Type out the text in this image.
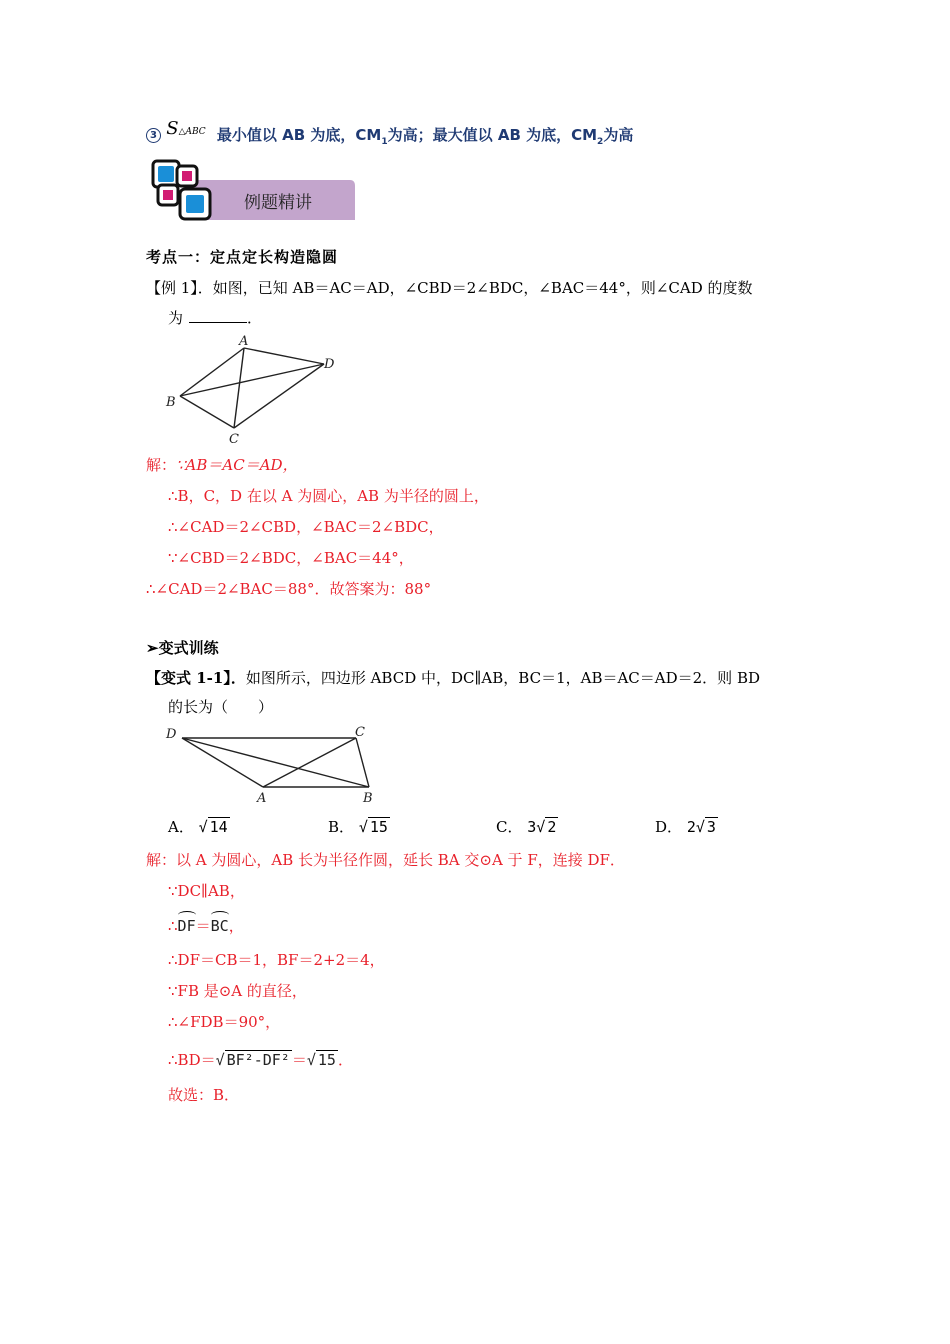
3 $S^{\triangle ABC}$ 最小值以 AB 为底，$CM_1$为高；最大值以 AB 为底，$CM_2$为高
例题精讲
考点一：定点定长构造隐圆
【例 1】．如图，已知 AB＝AC＝AD，∠CBD＝2∠BDC，∠BAC＝44°，则∠CAD 的度数
为	．
A
B
C
D
解：∵AB＝AC＝AD，
∴B，C，D 在以 A 为圆心，AB 为半径的圆上，
∴∠CAD＝2∠CBD，∠BAC＝2∠BDC，
∵∠CBD＝2∠BDC，∠BAC＝44°，
∴∠CAD＝2∠BAC＝88°．故答案为：88°
➢变式训练
【变式 1-1】．如图所示，四边形 ABCD 中，DC∥AB，BC＝1，AB＝AC＝AD＝2．则 BD
的长为（　　）
D	C
A	B
A． √ 14	B． √ 15	C． 3√ 2	D． 2√ 3
解：以 A 为圆心，AB 长为半径作圆，延长 BA 交⊙A 于 F，连接 DF．
∵DC∥AB，
∴DF＝BC，
∴DF＝CB＝1，BF＝2+2＝4，
∵FB 是⊙A 的直径，
∴∠FDB＝90°，
∴BD＝√ BF²-DF² ＝√ 15 ．
故选：B．
